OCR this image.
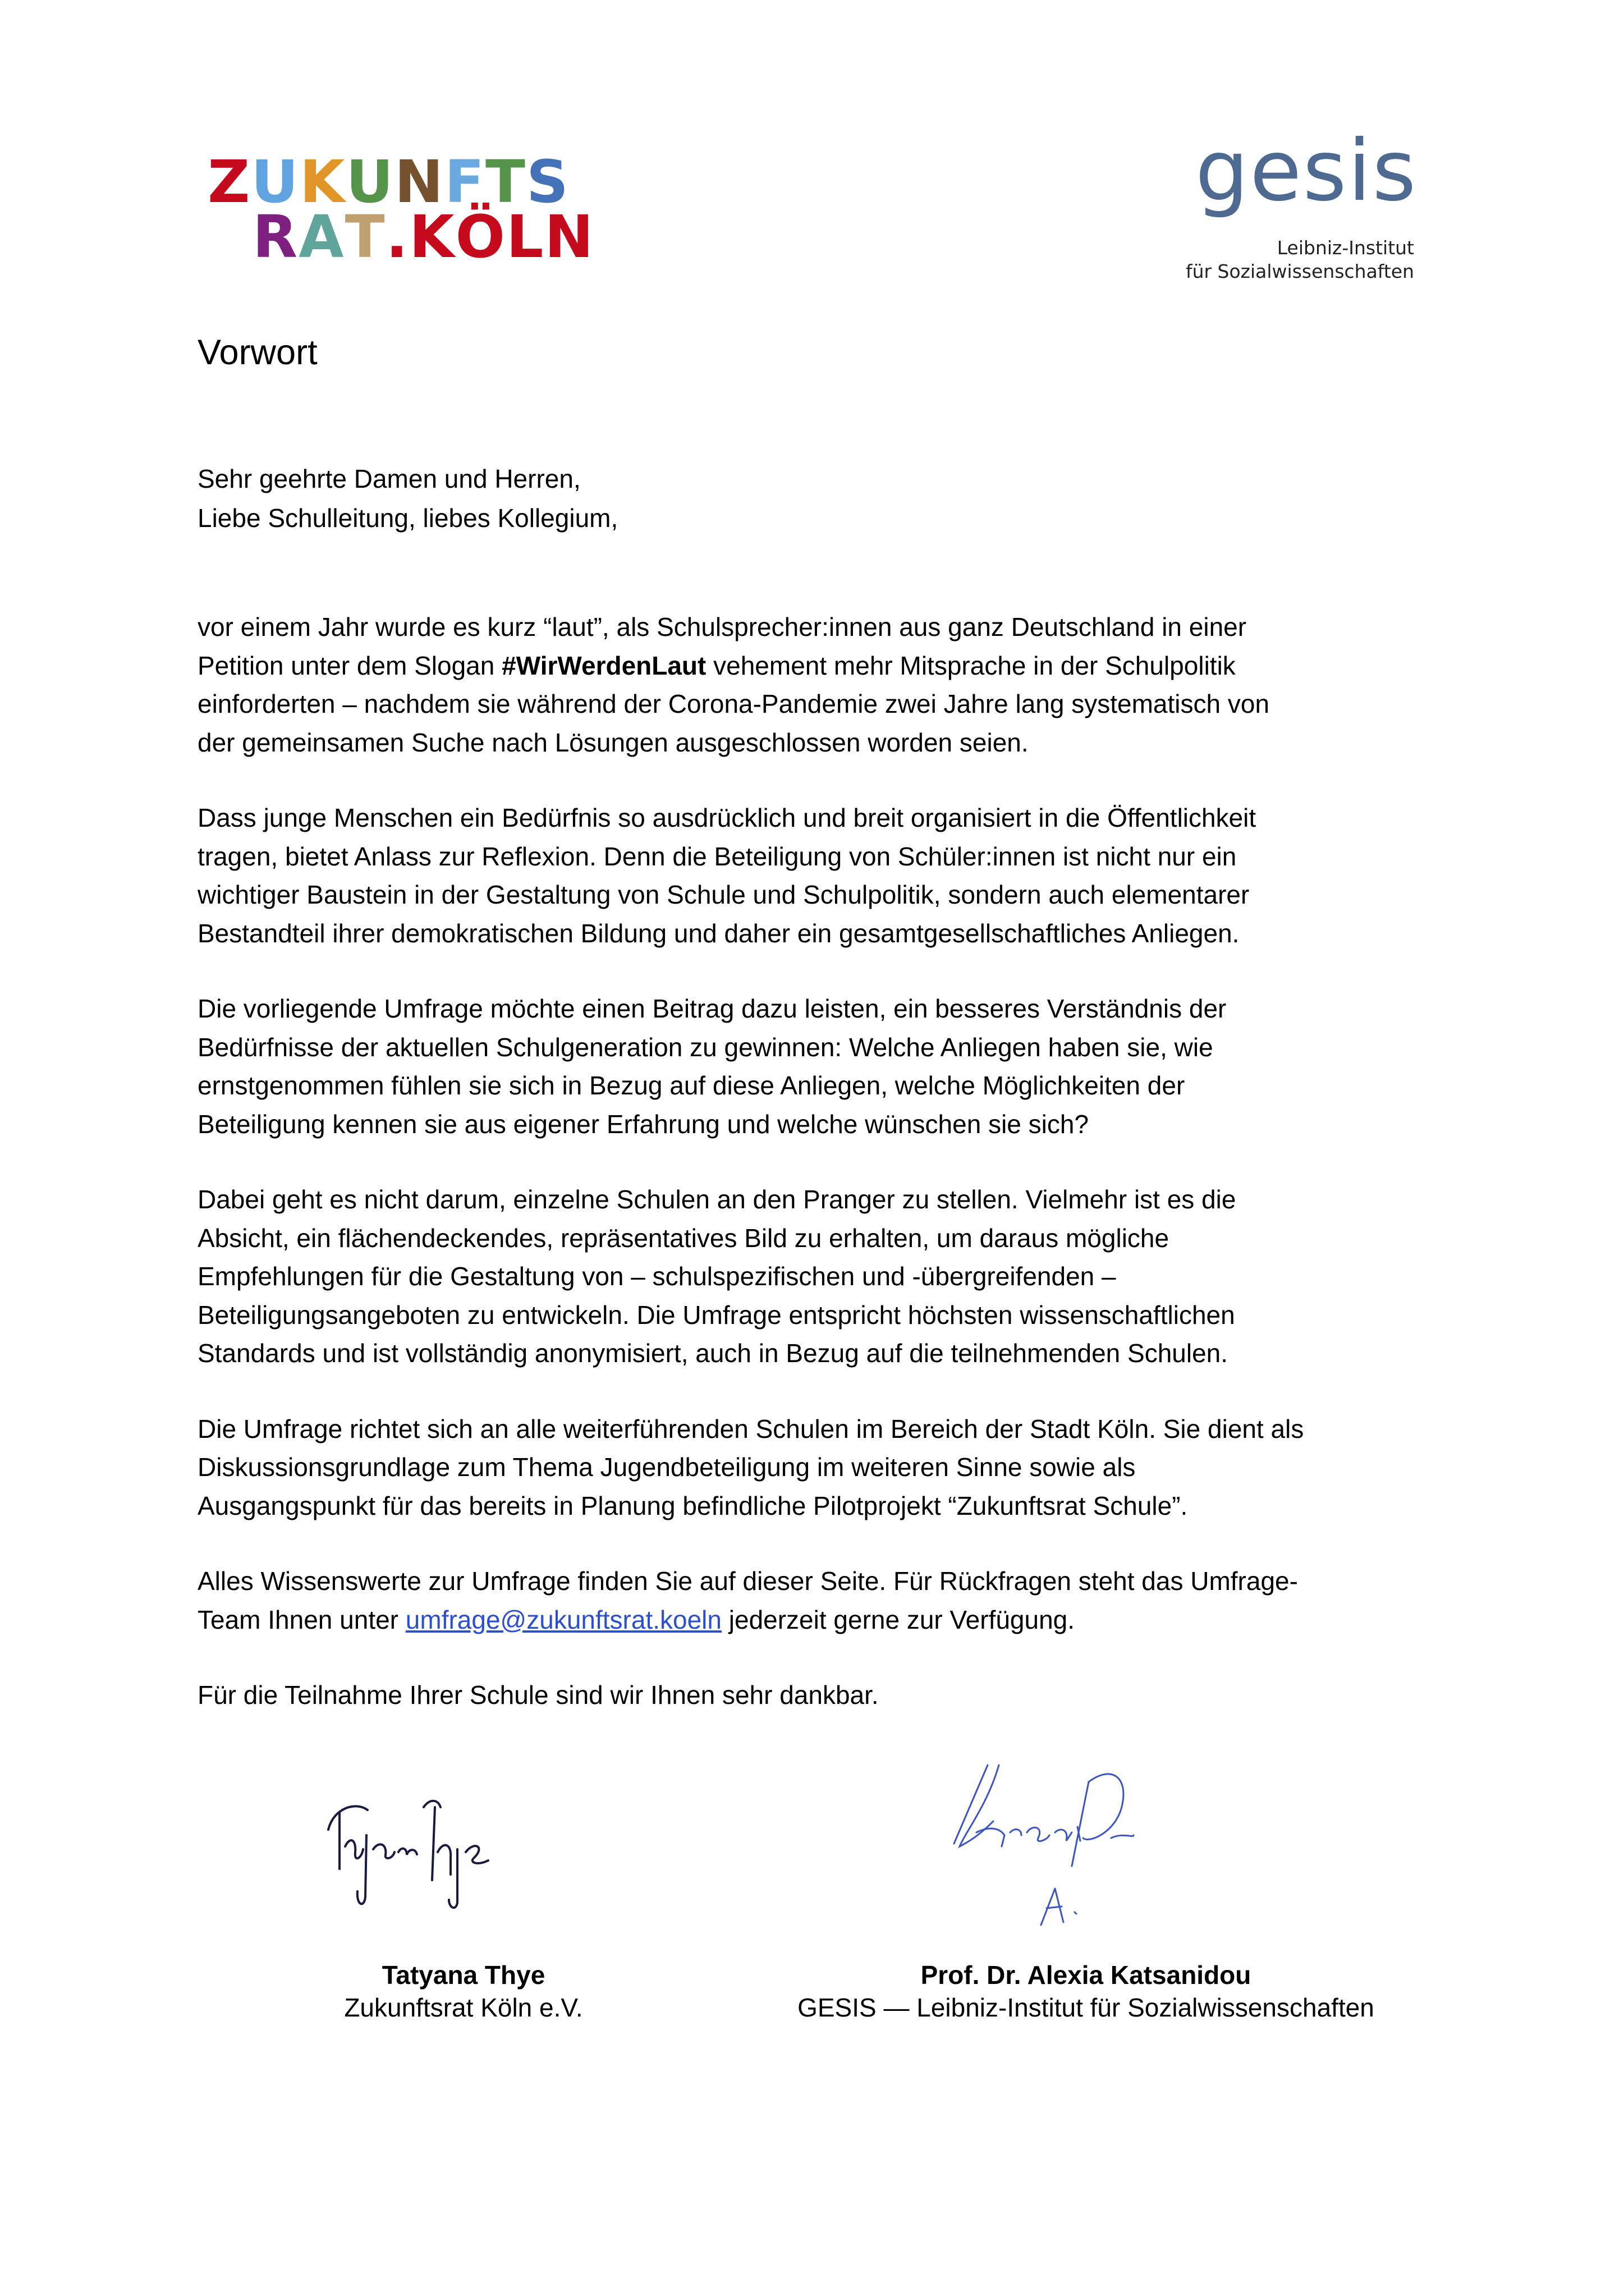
Z U K U N F T S
R A T . K Ö L N
gesis
Leibniz-Institut
für Sozialwissenschaften
Vorwort
Sehr geehrte Damen und Herren,
Liebe Schulleitung, liebes Kollegium,

vor einem Jahr wurde es kurz “laut”, als Schulsprecher:innen aus ganz Deutschland in einer
Petition unter dem Slogan #WirWerdenLaut vehement mehr Mitsprache in der Schulpolitik
einforderten – nachdem sie während der Corona-Pandemie zwei Jahre lang systematisch von
der gemeinsamen Suche nach Lösungen ausgeschlossen worden seien.

Dass junge Menschen ein Bedürfnis so ausdrücklich und breit organisiert in die Öffentlichkeit
tragen, bietet Anlass zur Reflexion. Denn die Beteiligung von Schüler:innen ist nicht nur ein
wichtiger Baustein in der Gestaltung von Schule und Schulpolitik, sondern auch elementarer
Bestandteil ihrer demokratischen Bildung und daher ein gesamtgesellschaftliches Anliegen.

Die vorliegende Umfrage möchte einen Beitrag dazu leisten, ein besseres Verständnis der
Bedürfnisse der aktuellen Schulgeneration zu gewinnen: Welche Anliegen haben sie, wie
ernstgenommen fühlen sie sich in Bezug auf diese Anliegen, welche Möglichkeiten der
Beteiligung kennen sie aus eigener Erfahrung und welche wünschen sie sich?

Dabei geht es nicht darum, einzelne Schulen an den Pranger zu stellen. Vielmehr ist es die
Absicht, ein flächendeckendes, repräsentatives Bild zu erhalten, um daraus mögliche
Empfehlungen für die Gestaltung von – schulspezifischen und -übergreifenden –
Beteiligungsangeboten zu entwickeln. Die Umfrage entspricht höchsten wissenschaftlichen
Standards und ist vollständig anonymisiert, auch in Bezug auf die teilnehmenden Schulen.

Die Umfrage richtet sich an alle weiterführenden Schulen im Bereich der Stadt Köln. Sie dient als
Diskussionsgrundlage zum Thema Jugendbeteiligung im weiteren Sinne sowie als
Ausgangspunkt für das bereits in Planung befindliche Pilotprojekt “Zukunftsrat Schule”.

Alles Wissenswerte zur Umfrage finden Sie auf dieser Seite. Für Rückfragen steht das Umfrage-
Team Ihnen unter umfrage@zukunftsrat.koeln jederzeit gerne zur Verfügung.

Für die Teilnahme Ihrer Schule sind wir Ihnen sehr dankbar.

Tatyana Thye
Zukunftsrat Köln e.V.
Prof. Dr. Alexia Katsanidou
GESIS — Leibniz-Institut für Sozialwissenschaften
